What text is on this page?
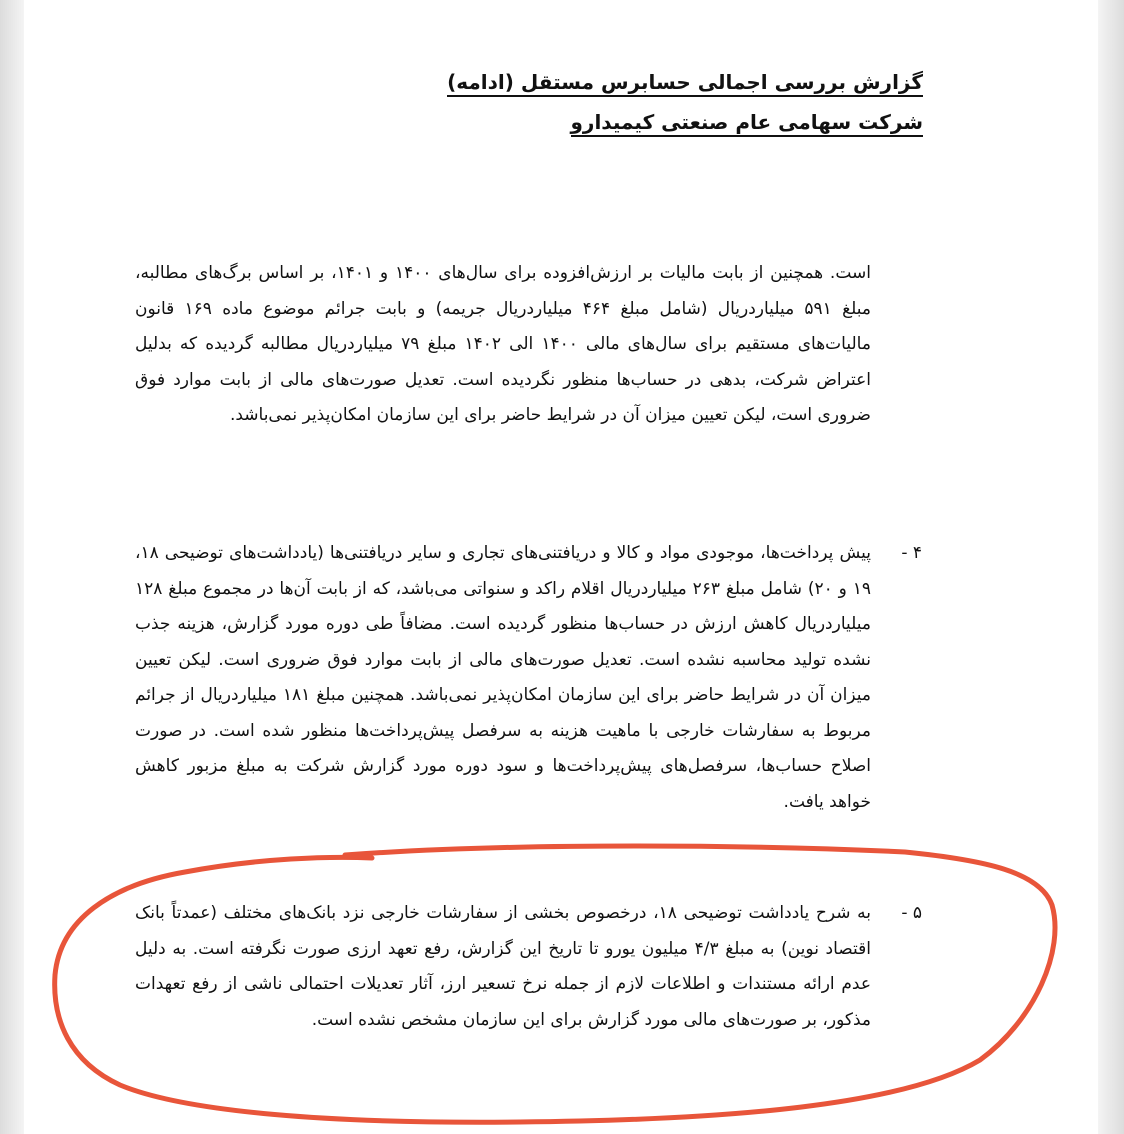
گزارش بررسی اجمالی حسابرس مستقل (ادامه)
شرکت سهامی عام صنعتی کیمیدارو
است. همچنین از بابت مالیات بر ارزش‌افزوده برای سال‌های ۱۴۰۰ و ۱۴۰۱، بر اساس برگ‌های مطالبه، مبلغ ۵۹۱ میلیاردریال (شامل مبلغ ۴۶۴ میلیاردریال جریمه) و بابت جرائم موضوع ماده ۱۶۹ قانون مالیات‌های مستقیم برای سال‌های مالی ۱۴۰۰ الی ۱۴۰۲ مبلغ ۷۹ میلیاردریال مطالبه گردیده که بدلیل اعتراض شرکت، بدهی در حساب‌ها منظور نگردیده است. تعدیل صورت‌های مالی از بابت موارد فوق ضروری است، لیکن تعیین میزان آن در شرایط حاضر برای این سازمان امکان‌پذیر نمی‌باشد.
۴ -
پیش پرداخت‌ها، موجودی مواد و کالا و دریافتنی‌های تجاری و سایر دریافتنی‌ها (یادداشت‌های توضیحی ۱۸، ۱۹ و ۲۰) شامل مبلغ ۲۶۳ میلیاردریال اقلام راکد و سنواتی می‌باشد، که از بابت آن‌ها در مجموع مبلغ ۱۲۸ میلیاردریال کاهش ارزش در حساب‌ها منظور گردیده است. مضافاً طی دوره مورد گزارش، هزینه جذب نشده تولید محاسبه نشده است. تعدیل صورت‌های مالی از بابت موارد فوق ضروری است. لیکن تعیین میزان آن در شرایط حاضر برای این سازمان امکان‌پذیر نمی‌باشد. همچنین مبلغ ۱۸۱ میلیاردریال از جرائم مربوط به سفارشات خارجی با ماهیت هزینه به سرفصل پیش‌پرداخت‌ها منظور شده است. در صورت اصلاح حساب‌ها، سرفصل‌های پیش‌پرداخت‌ها و سود دوره مورد گزارش شرکت به مبلغ مزبور کاهش خواهد یافت.
۵ -
به شرح یادداشت توضیحی ۱۸، درخصوص بخشی از سفارشات خارجی نزد بانک‌های مختلف (عمدتاً بانک اقتصاد نوین) به مبلغ ۴/۳ میلیون یورو تا تاریخ این گزارش، رفع تعهد ارزی صورت نگرفته است. به دلیل عدم ارائه مستندات و اطلاعات لازم از جمله نرخ تسعیر ارز، آثار تعدیلات احتمالی ناشی از رفع تعهدات مذکور، بر صورت‌های مالی مورد گزارش برای این سازمان مشخص نشده است.
